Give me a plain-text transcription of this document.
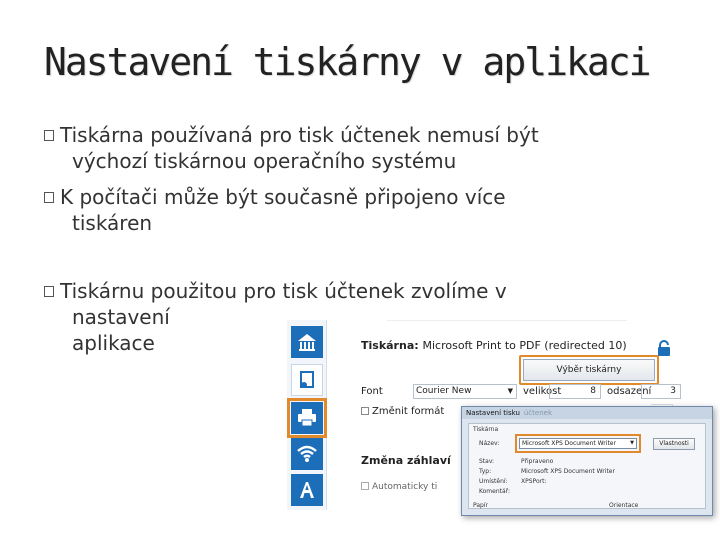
Nastavení tiskárny v aplikaci
Tiskárna používaná pro tisk účtenek nemusí být
výchozí tiskárnou operačního systému
K počítači může být současně připojeno více
tiskáren
Tiskárnu použitou pro tisk účtenek zvolíme v
nastavení
aplikace	Tiskárna: Microsoft Print to PDF (redirected 10)
Výběr tiskárny
Font	Courier New	▼ velikost	8	odsazení	3
Změnit formát
Změna záhlaví
Automaticky ti
Nastavení tisku účtenek
Tiskárna
Název:	Microsoft XPS Document Writer	▼	Vlastnosti
Stav:	Připraveno
Typ:	Microsoft XPS Document Writer
Umístění: XPSPort:
Komentář:
Papír	Orientace
